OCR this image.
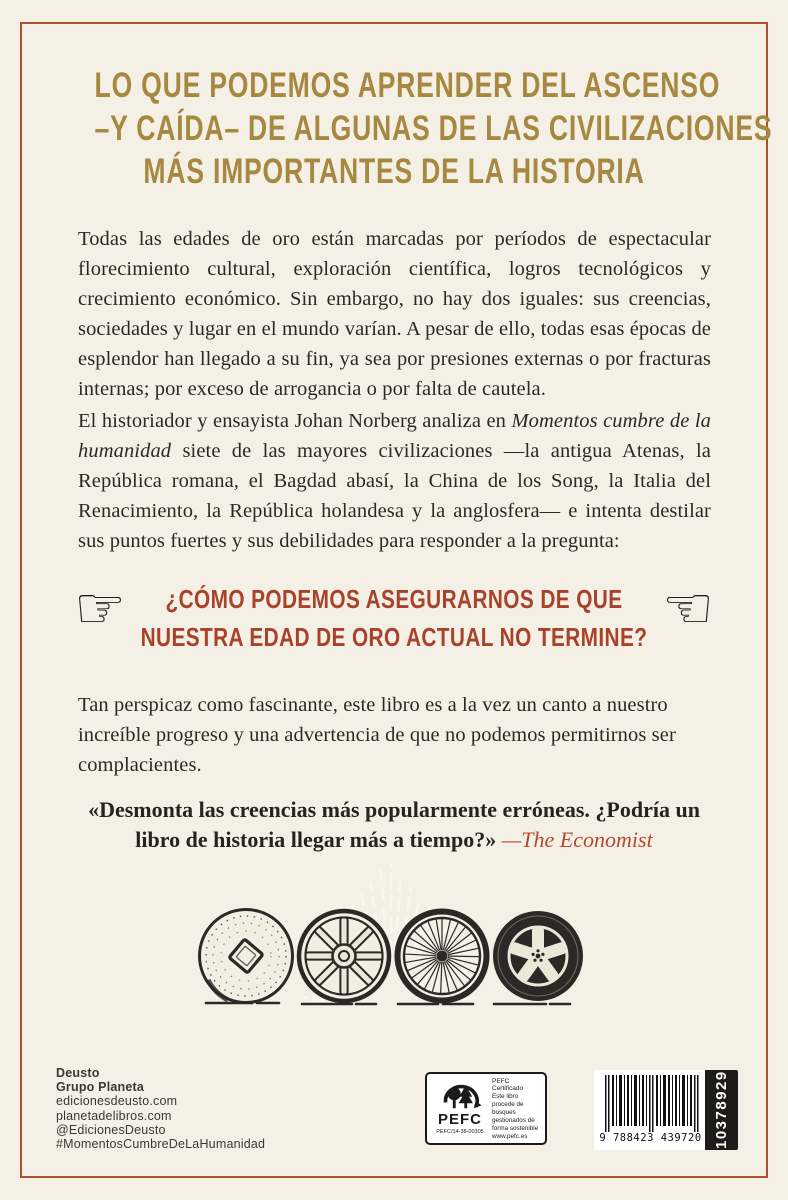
LO QUE PODEMOS APRENDER DEL ASCENSO
–Y CAÍDA– DE ALGUNAS DE LAS CIVILIZACIONES
MÁS IMPORTANTES DE LA HISTORIA

Todas las edades de oro están marcadas por períodos de espectacular florecimiento cultural, exploración científica, logros tecnológicos y crecimiento económico. Sin embargo, no hay dos iguales: sus creencias, sociedades y lugar en el mundo varían. A pesar de ello, todas esas épocas de esplendor han llegado a su fin, ya sea por presiones externas o por fracturas internas; por exceso de arrogancia o por falta de cautela.

El historiador y ensayista Johan Norberg analiza en Momentos cumbre de la humanidad siete de las mayores civilizaciones —la antigua Atenas, la República romana, el Bagdad abasí, la China de los Song, la Italia del Renacimiento, la República holandesa y la anglosfera— e intenta destilar sus puntos fuertes y sus debilidades para responder a la pregunta:

☞	¿CÓMO PODEMOS ASEGURARNOS DE QUE
NUESTRA EDAD DE ORO ACTUAL NO TERMINE? ☜

Tan perspicaz como fascinante, este libro es a la vez un canto a nuestro increíble progreso y una advertencia de que no podemos permitirnos ser complacientes.

«Desmonta las creencias más popularmente erróneas. ¿Podría un libro de historia llegar más a tiempo?» —The Economist

Deusto
Grupo Planeta
edicionesdeusto.com
planetadelibros.com
@EdicionesDeusto
#MomentosCumbreDeLaHumanidad
PEFC
PEFC/14-38-00305
PEFC Certificado
Este libro procede de bosques gestionados de forma sostenible
www.pefc.es	9 788423 439720 10378929
